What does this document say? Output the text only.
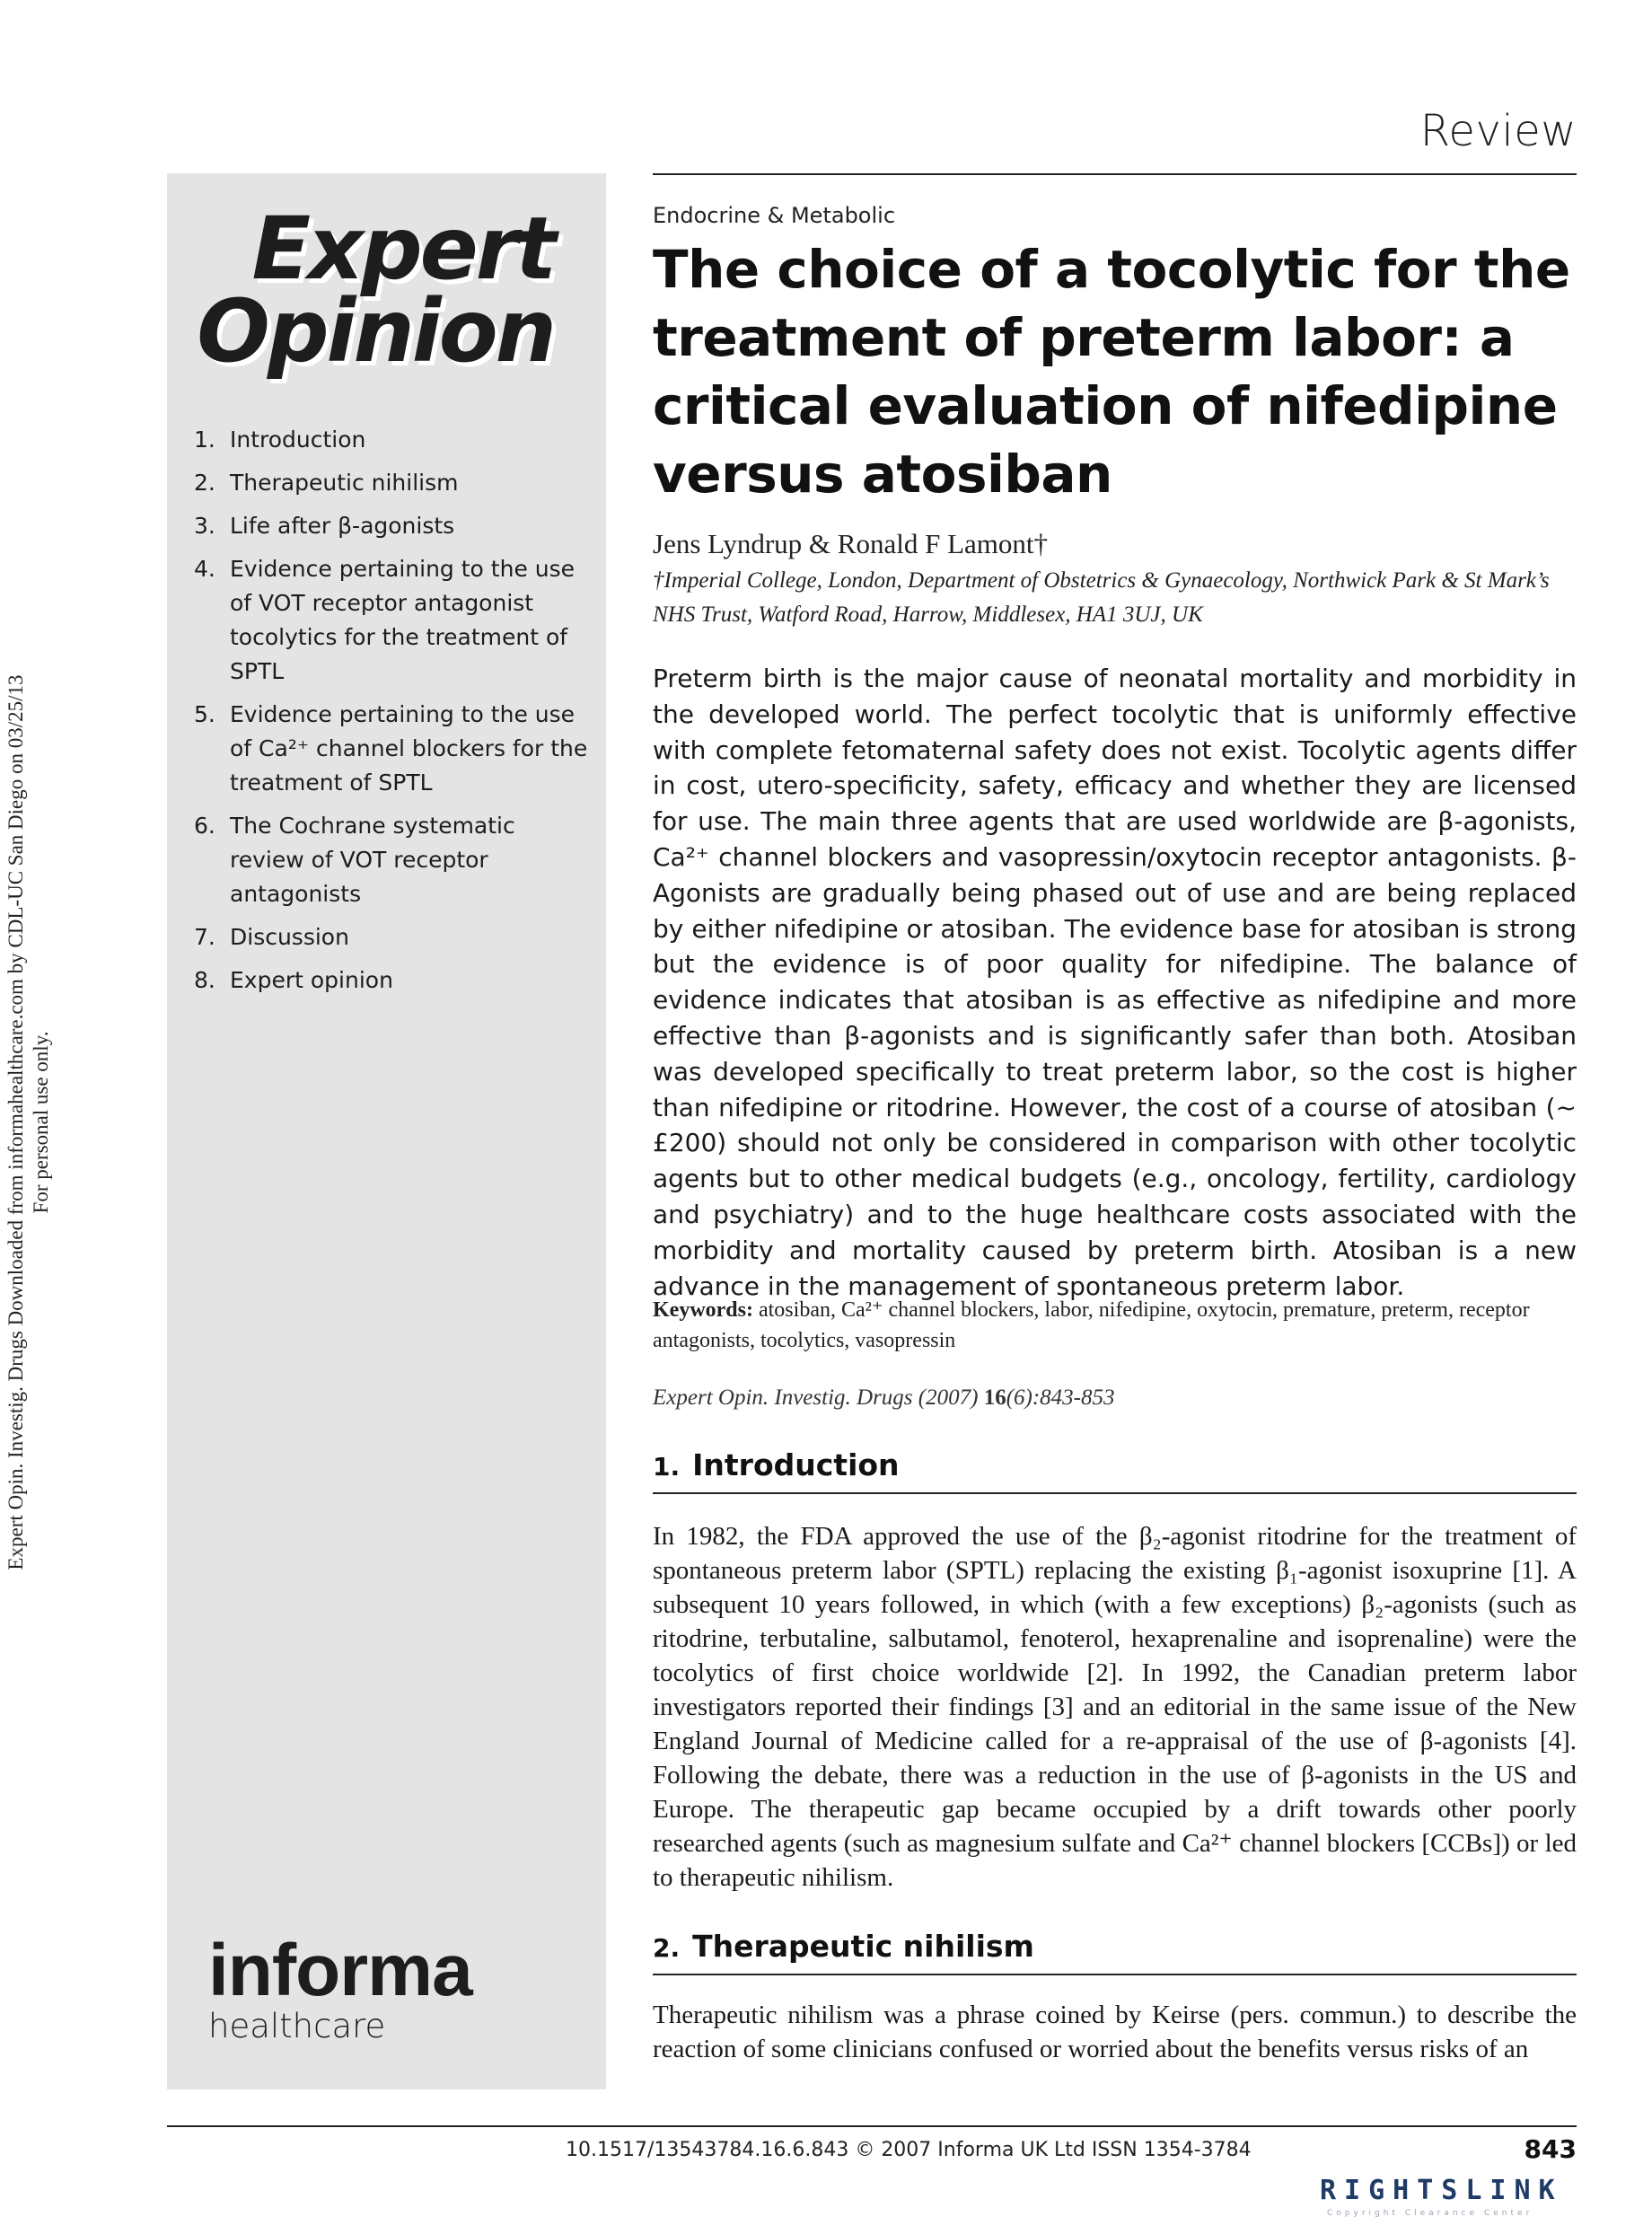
Expert Opin. Investig. Drugs Downloaded from informahealthcare.com by CDL-UC San Diego on 03/25/13 For personal use only.
Review
Expert
Opinion
1. Introduction
2. Therapeutic nihilism
3. Life after β-agonists
4. Evidence pertaining to the use of VOT receptor antagonist tocolytics for the treatment of SPTL
5. Evidence pertaining to the use of Ca²⁺ channel blockers for the treatment of SPTL
6. The Cochrane systematic review of VOT receptor antagonists
7. Discussion
8. Expert opinion
informa
healthcare
Endocrine & Metabolic
The choice of a tocolytic for the treatment of preterm labor: a critical evaluation of nifedipine versus atosiban
Jens Lyndrup & Ronald F Lamont†
†Imperial College, London, Department of Obstetrics & Gynaecology, Northwick Park & St Mark’s NHS Trust, Watford Road, Harrow, Middlesex, HA1 3UJ, UK

Preterm birth is the major cause of neonatal mortality and morbidity in the developed world. The perfect tocolytic that is uniformly effective with complete fetomaternal safety does not exist. Tocolytic agents differ in cost, utero-specificity, safety, efficacy and whether they are licensed for use. The main three agents that are used worldwide are β-agonists, Ca²⁺ channel blockers and vasopressin/oxytocin receptor antagonists. β-Agonists are gradually being phased out of use and are being replaced by either nifedipine or atosiban. The evidence base for atosiban is strong but the evidence is of poor quality for nifedipine. The balance of evidence indicates that atosiban is as effective as nifedipine and more effective than β-agonists and is significantly safer than both. Atosiban was developed specifically to treat preterm labor, so the cost is higher than nifedipine or ritodrine. However, the cost of a course of atosiban (~ £200) should not only be considered in comparison with other tocolytic agents but to other medical budgets (e.g., oncology, fertility, cardiology and psychiatry) and to the huge healthcare costs associated with the morbidity and mortality caused by preterm birth. Atosiban is a new advance in the management of spontaneous preterm labor.

Keywords: atosiban, Ca²⁺ channel blockers, labor, nifedipine, oxytocin, premature, preterm, receptor antagonists, tocolytics, vasopressin
Expert Opin. Investig. Drugs (2007) 16(6):843-853
1. Introduction

In 1982, the FDA approved the use of the β₂-agonist ritodrine for the treatment of spontaneous preterm labor (SPTL) replacing the existing β₁-agonist isoxuprine [1]. A subsequent 10 years followed, in which (with a few exceptions) β₂-agonists (such as ritodrine, terbutaline, salbutamol, fenoterol, hexaprenaline and isoprenaline) were the tocolytics of first choice worldwide [2]. In 1992, the Canadian preterm labor investigators reported their findings [3] and an editorial in the same issue of the New England Journal of Medicine called for a re-appraisal of the use of β-agonists [4]. Following the debate, there was a reduction in the use of β-agonists in the US and Europe. The therapeutic gap became occupied by a drift towards other poorly researched agents (such as magnesium sulfate and Ca²⁺ channel blockers [CCBs]) or led to therapeutic nihilism.

2. Therapeutic nihilism

Therapeutic nihilism was a phrase coined by Keirse (pers. commun.) to describe the reaction of some clinicians confused or worried about the benefits versus risks of an

10.1517/13543784.16.6.843 © 2007 Informa UK Ltd ISSN 1354-3784	843
RIGHTSLINK
Copyright Clearance Center
